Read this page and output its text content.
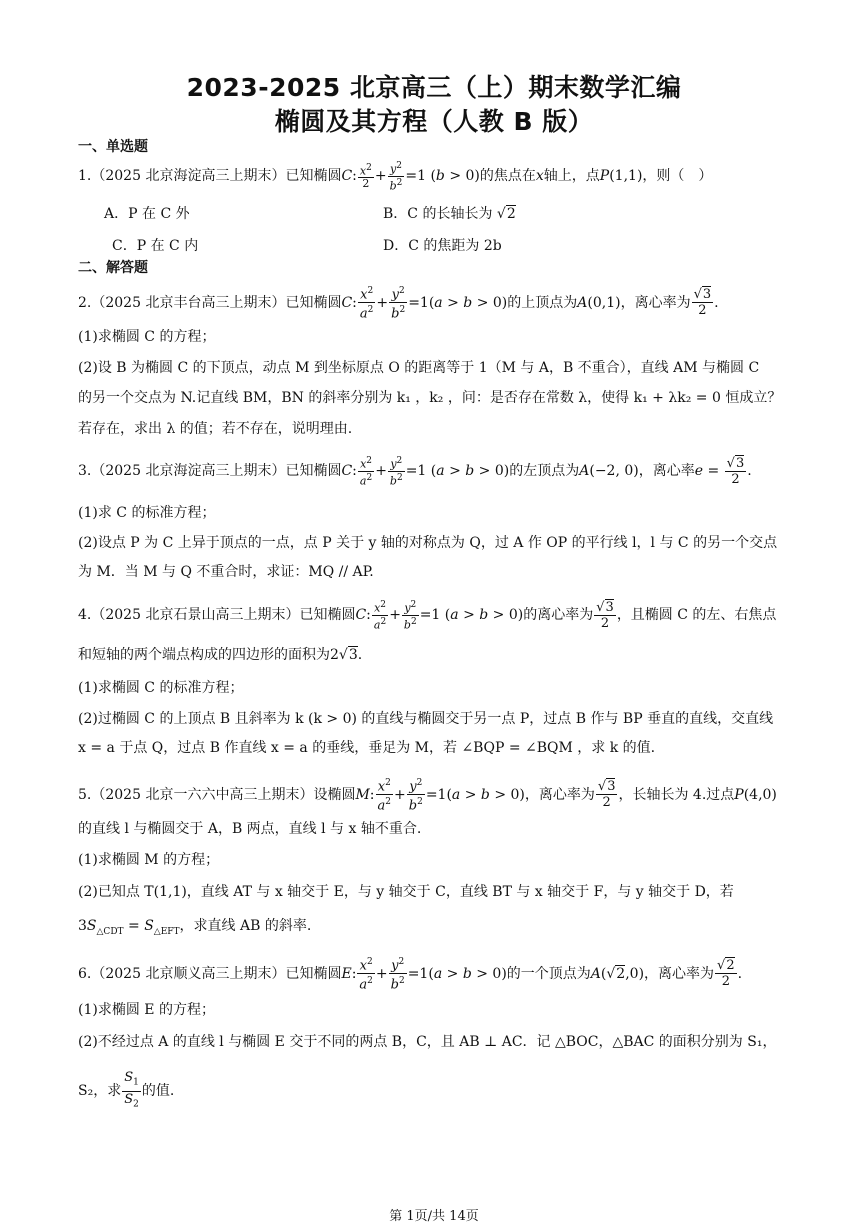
2023-2025 北京高三（上）期末数学汇编
椭圆及其方程（人教 B 版）
一、单选题
1.（2025 北京海淀高三上期末）已知椭圆C: $\frac{x^2}{2} + \frac{y^2}{b^2} =1$ (b > 0)的焦点在x轴上，点P(1,1)，则（　）
A．P 在 C 外	B．C 的长轴长为 √2
C．P 在 C 内	D．C 的焦距为 2b
二、解答题
2.（2025 北京丰台高三上期末）已知椭圆C: $\frac{x^2}{a^2} + \frac{y^2}{b^2} =1(a > b > 0)$的上顶点为A(0,1)，离心率为 $\frac{√3}{2}$ .
(1)求椭圆 C 的方程；
(2)设 B 为椭圆 C 的下顶点，动点 M 到坐标原点 O 的距离等于 1（M 与 A，B 不重合），直线 AM 与椭圆 C
的另一个交点为 N.记直线 BM，BN 的斜率分别为 k₁ ，k₂ ，问：是否存在常数 λ，使得 k₁ + λk₂ = 0 恒成立？
若存在，求出 λ 的值；若不存在，说明理由.
3.（2025 北京海淀高三上期末）已知椭圆C: $\frac{x^2}{a^2} + \frac{y^2}{b^2} =1$ (a > b > 0)的左顶点为A(−2, 0)，离心率$e = \frac{√3}{2}$ .
(1)求 C 的标准方程；
(2)设点 P 为 C 上异于顶点的一点，点 P 关于 y 轴的对称点为 Q，过 A 作 OP 的平行线 l，l 与 C 的另一个交点
为 M．当 M 与 Q 不重合时，求证：MQ // AP.
4.（2025 北京石景山高三上期末）已知椭圆C: $\frac{x^2}{a^2} + \frac{y^2}{b^2} =1$ (a > b > 0)的离心率为 $\frac{√3}{2}$ ，且椭圆 C 的左、右焦点
和短轴的两个端点构成的四边形的面积为2√3.
(1)求椭圆 C 的标准方程；
(2)过椭圆 C 的上顶点 B 且斜率为 k (k > 0) 的直线与椭圆交于另一点 P，过点 B 作与 BP 垂直的直线，交直线
x = a 于点 Q，过点 B 作直线 x = a 的垂线，垂足为 M，若 ∠BQP = ∠BQM ，求 k 的值.
5.（2025 北京一六六中高三上期末）设椭圆M: $\frac{x^2}{a^2} + \frac{y^2}{b^2} =1(a > b > 0)$，离心率为 $\frac{√3}{2}$ ，长轴长为 4.过点P(4,0)
的直线 l 与椭圆交于 A，B 两点，直线 l 与 x 轴不重合.
(1)求椭圆 M 的方程；
(2)已知点 T(1,1)，直线 AT 与 x 轴交于 E，与 y 轴交于 C，直线 BT 与 x 轴交于 F，与 y 轴交于 D，若
$3S_{\triangle CDT} = S_{\triangle EFT}$，求直线 AB 的斜率.
6.（2025 北京顺义高三上期末）已知椭圆E: $\frac{x^2}{a^2} + \frac{y^2}{b^2} =1(a > b > 0)$的一个顶点为A(√2,0)，离心率为 $\frac{√2}{2}$ .
(1)求椭圆 E 的方程；
(2)不经过点 A 的直线 l 与椭圆 E 交于不同的两点 B，C，且 AB ⊥ AC．记 △BOC，△BAC 的面积分别为 S₁，
S₂，求 $\frac{S_1}{S_2}$ 的值.
第 1页/共 14页
